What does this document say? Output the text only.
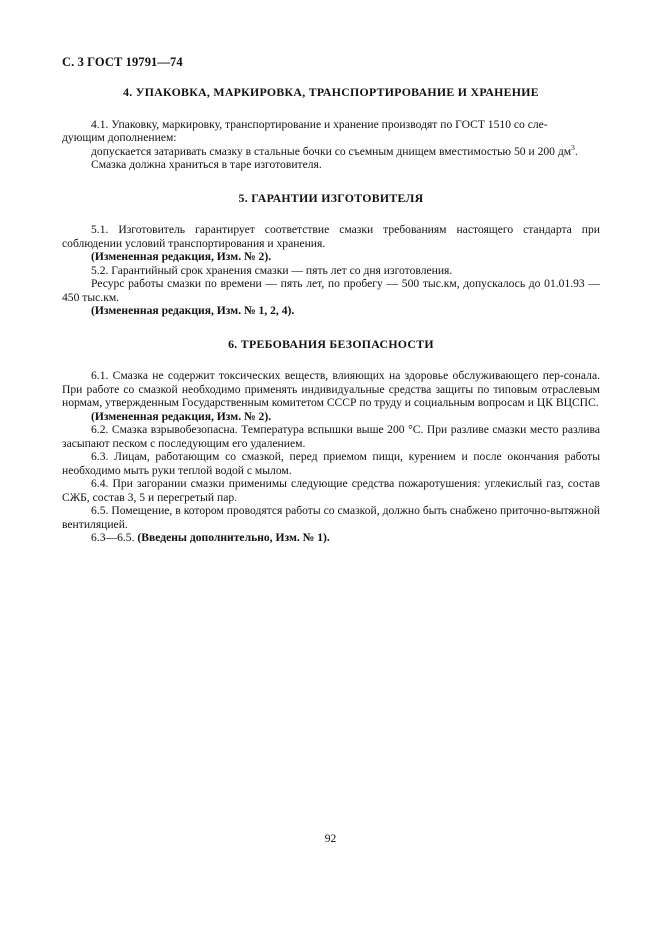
С. 3 ГОСТ 19791—74
4. УПАКОВКА, МАРКИРОВКА, ТРАНСПОРТИРОВАНИЕ И ХРАНЕНИЕ

4.1. Упаковку, маркировку, транспортирование и хранение производят по ГОСТ 1510 со сле-
дующим дополнением:

допускается затаривать смазку в стальные бочки со съемным днищем вместимостью 50 и 200 $дм^3$.

Смазка должна храниться в таре изготовителя.

5. ГАРАНТИИ ИЗГОТОВИТЕЛЯ

5.1. Изготовитель гарантирует соответствие смазки требованиям настоящего стандарта при соблюдении условий транспортирования и хранения.

(Измененная редакция, Изм. № 2).

5.2. Гарантийный срок хранения смазки — пять лет со дня изготовления.

Ресурс работы смазки по времени — пять лет, по пробегу — 500 тыс.км, допускалось до 01.01.93 — 450 тыс.км.

(Измененная редакция, Изм. № 1, 2, 4).

6. ТРЕБОВАНИЯ БЕЗОПАСНОСТИ

6.1. Смазка не содержит токсических веществ, влияющих на здоровье обслуживающего пер-сонала. При работе со смазкой необходимо применять индивидуальные средства защиты по типовым отраслевым нормам, утвержденным Государственным комитетом СССР по труду и социальным вопросам и ЦК ВЦСПС.

(Измененная редакция, Изм. № 2).

6.2. Смазка взрывобезопасна. Температура вспышки выше 200 °С. При разливе смазки место разлива засыпают песком с последующим его удалением.

6.3. Лицам, работающим со смазкой, перед приемом пищи, курением и после окончания работы необходимо мыть руки теплой водой с мылом.

6.4. При загорании смазки применимы следующие средства пожаротушения: углекислый газ, состав СЖБ, состав 3, 5 и перегретый пар.

6.5. Помещение, в котором проводятся работы со смазкой, должно быть снабжено приточно-вытяжной вентиляцией.

6.3—6.5. (Введены дополнительно, Изм. № 1).

92
